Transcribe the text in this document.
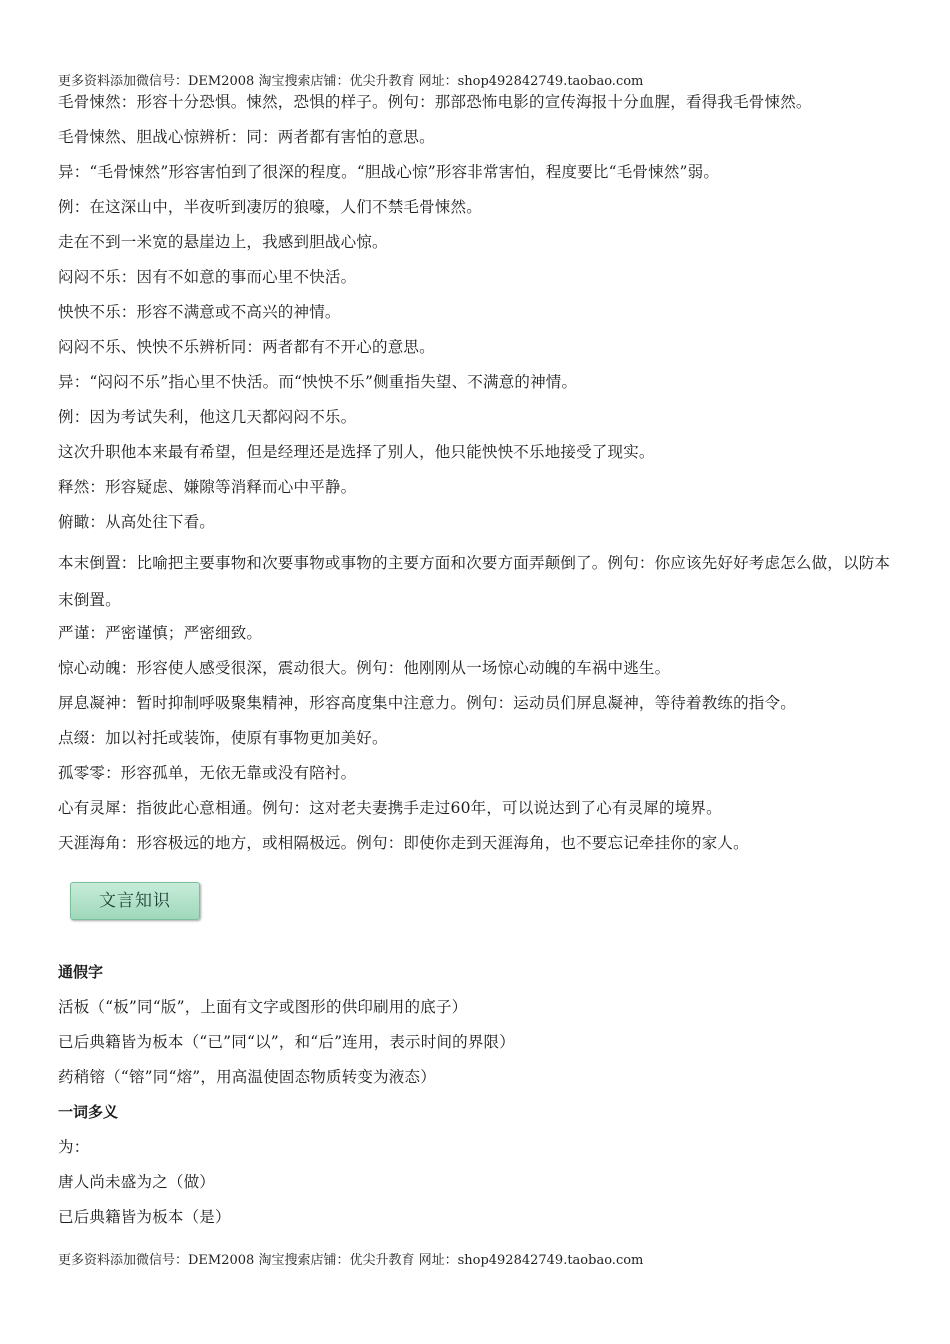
更多资料添加微信号：DEM2008 淘宝搜索店铺：优尖升教育 网址：shop492842749.taobao.com
毛骨悚然：形容十分恐惧。悚然，恐惧的样子。例句：那部恐怖电影的宣传海报十分血腥，看得我毛骨悚然。
毛骨悚然、胆战心惊辨析：同：两者都有害怕的意思。
异：“毛骨悚然”形容害怕到了很深的程度。“胆战心惊”形容非常害怕，程度要比“毛骨悚然”弱。
例：在这深山中，半夜听到凄厉的狼嚎，人们不禁毛骨悚然。
走在不到一米宽的悬崖边上，我感到胆战心惊。
闷闷不乐：因有不如意的事而心里不快活。
怏怏不乐：形容不满意或不高兴的神情。
闷闷不乐、怏怏不乐辨析同：两者都有不开心的意思。
异：“闷闷不乐”指心里不快活。而“怏怏不乐”侧重指失望、不满意的神情。
例：因为考试失利，他这几天都闷闷不乐。
这次升职他本来最有希望，但是经理还是选择了别人，他只能怏怏不乐地接受了现实。
释然：形容疑虑、嫌隙等消释而心中平静。
俯瞰：从高处往下看。
本末倒置：比喻把主要事物和次要事物或事物的主要方面和次要方面弄颠倒了。例句：你应该先好好考虑怎么做，以防本末倒置。
严谨：严密谨慎；严密细致。
惊心动魄：形容使人感受很深，震动很大。例句：他刚刚从一场惊心动魄的车祸中逃生。
屏息凝神：暂时抑制呼吸聚集精神，形容高度集中注意力。例句：运动员们屏息凝神，等待着教练的指令。
点缀：加以衬托或装饰，使原有事物更加美好。
孤零零：形容孤单，无依无靠或没有陪衬。
心有灵犀：指彼此心意相通。例句：这对老夫妻携手走过60年，可以说达到了心有灵犀的境界。
天涯海角：形容极远的地方，或相隔极远。例句：即使你走到天涯海角，也不要忘记牵挂你的家人。
文言知识
通假字
活板（“板”同“版”，上面有文字或图形的供印刷用的底子）
已后典籍皆为板本（“已”同“以”，和“后”连用，表示时间的界限）
药稍镕（“镕”同“熔”，用高温使固态物质转变为液态）
一词多义
为：
唐人尚未盛为之（做）
已后典籍皆为板本（是）
更多资料添加微信号：DEM2008 淘宝搜索店铺：优尖升教育 网址：shop492842749.taobao.com
